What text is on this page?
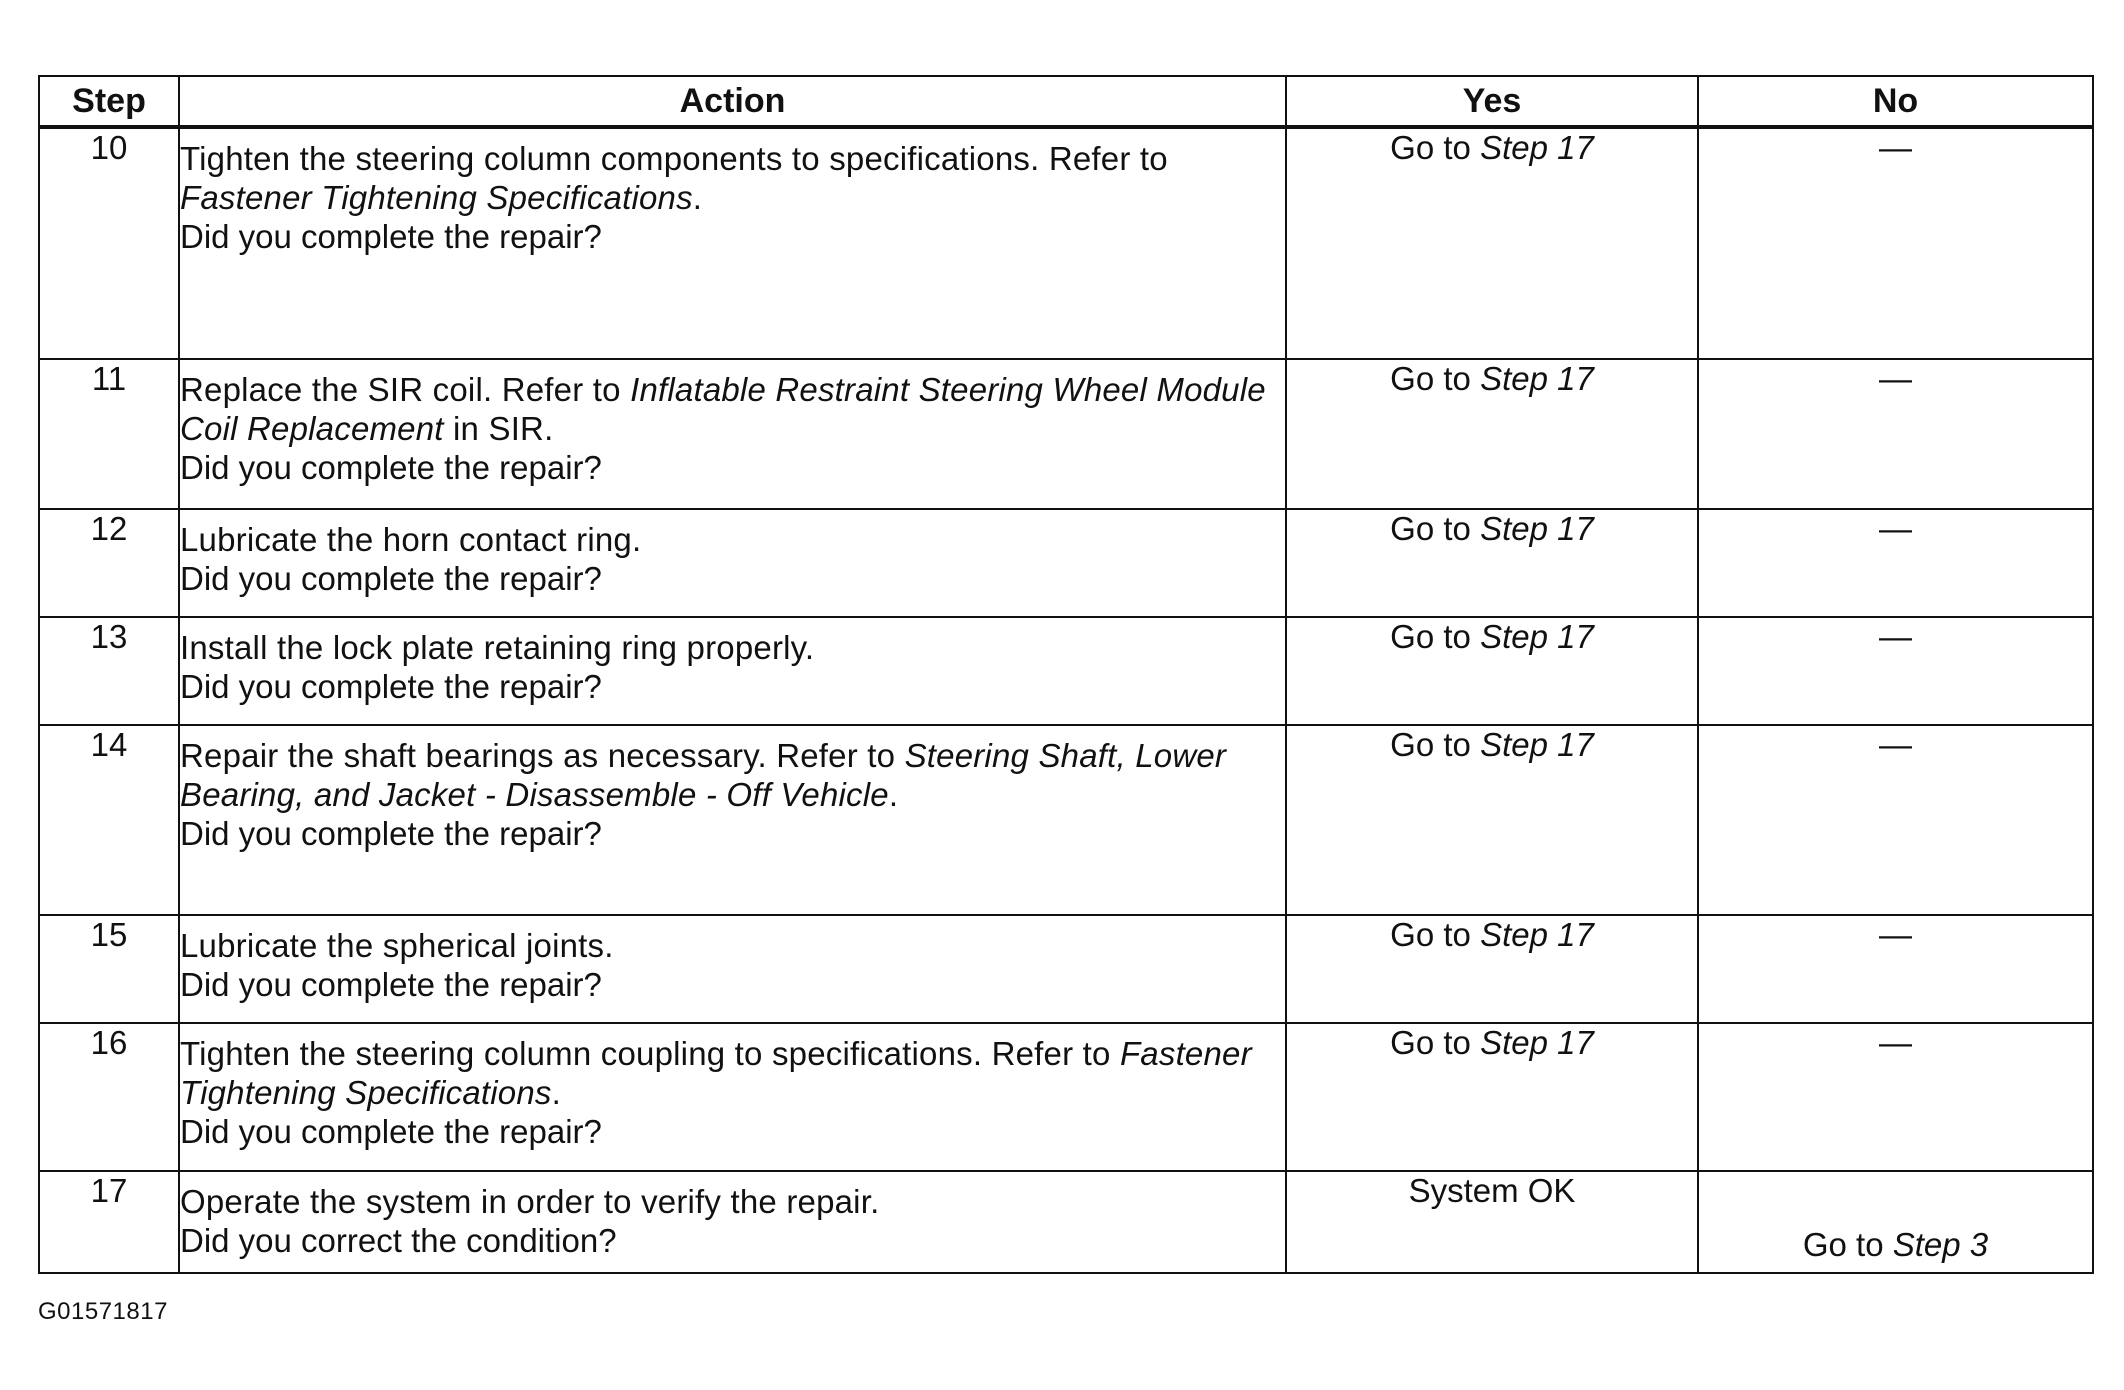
Step	Action	Yes	No
10	Tighten the steering column components to specifications. Refer to Fastener Tightening Specifications.
Did you complete the repair?	Go to Step 17	—
11	Replace the SIR coil. Refer to Inflatable Restraint Steering Wheel Module Coil Replacement in SIR.
Did you complete the repair?	Go to Step 17	—
12	Lubricate the horn contact ring.
Did you complete the repair?	Go to Step 17	—
13	Install the lock plate retaining ring properly.
Did you complete the repair?	Go to Step 17	—
14	Repair the shaft bearings as necessary. Refer to Steering Shaft, Lower Bearing, and Jacket - Disassemble - Off Vehicle.
Did you complete the repair?	Go to Step 17	—
15	Lubricate the spherical joints.
Did you complete the repair?	Go to Step 17	—
16	Tighten the steering column coupling to specifications. Refer to Fastener Tightening Specifications.
Did you complete the repair?	Go to Step 17	—
17	Operate the system in order to verify the repair.
Did you correct the condition?	System OK	Go to Step 3
G01571817
